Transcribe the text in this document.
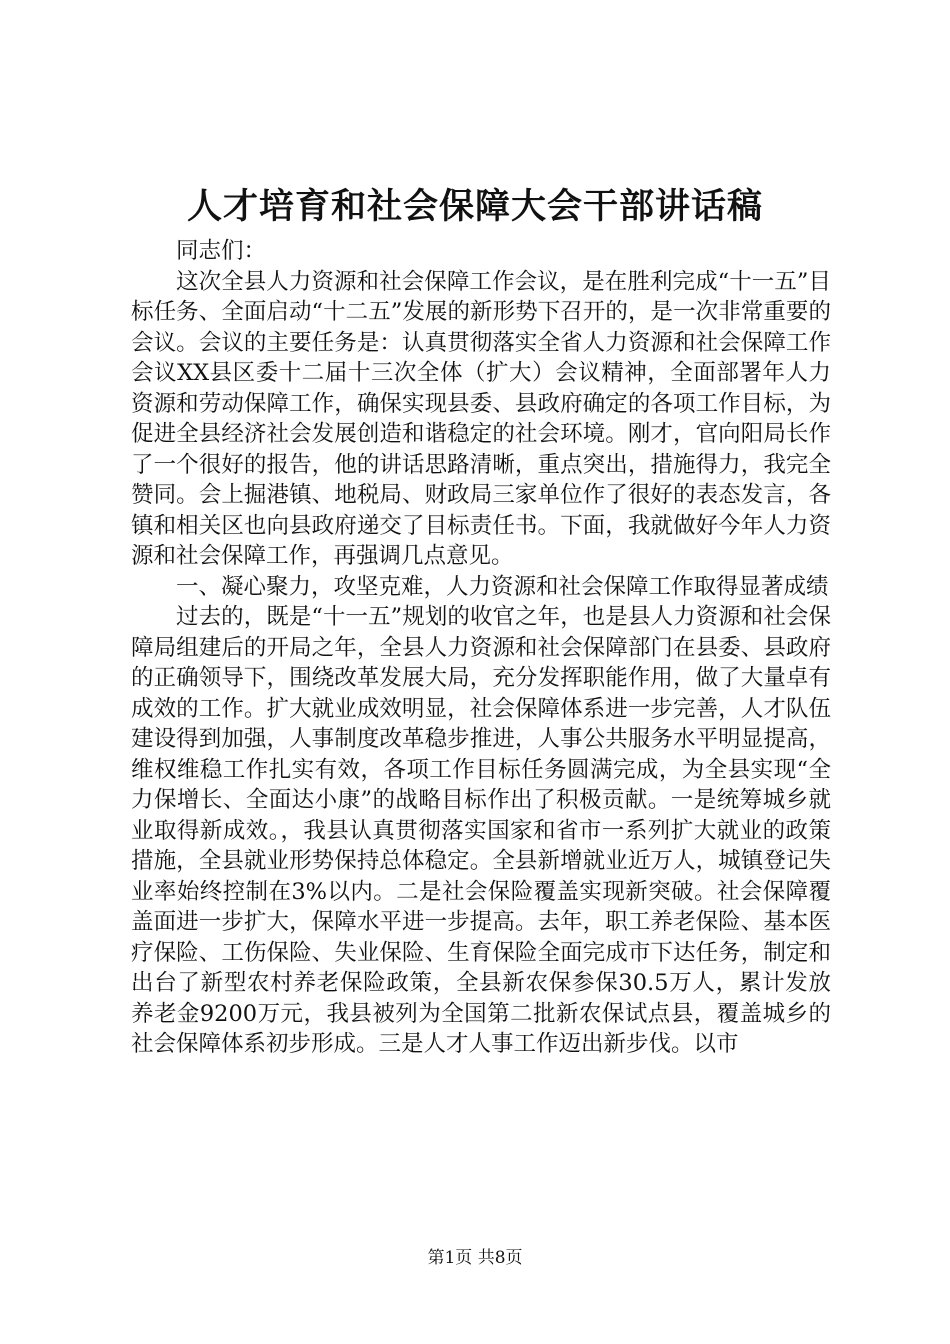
人才培育和社会保障大会干部讲话稿

同志们：

这次全县人力资源和社会保障工作会议，是在胜利完成“十一五”目标任务、全面启动“十二五”发展的新形势下召开的，是一次非常重要的会议。会议的主要任务是：认真贯彻落实全省人力资源和社会保障工作会议XX县区委十二届十三次全体（扩大）会议精神，全面部署年人力资源和劳动保障工作，确保实现县委、县政府确定的各项工作目标，为促进全县经济社会发展创造和谐稳定的社会环境。刚才，官向阳局长作了一个很好的报告，他的讲话思路清晰，重点突出，措施得力，我完全赞同。会上掘港镇、地税局、财政局三家单位作了很好的表态发言，各镇和相关区也向县政府递交了目标责任书。下面，我就做好今年人力资源和社会保障工作，再强调几点意见。

一、凝心聚力，攻坚克难，人力资源和社会保障工作取得显著成绩

过去的，既是“十一五”规划的收官之年，也是县人力资源和社会保障局组建后的开局之年，全县人力资源和社会保障部门在县委、县政府的正确领导下，围绕改革发展大局，充分发挥职能作用，做了大量卓有成效的工作。扩大就业成效明显，社会保障体系进一步完善，人才队伍建设得到加强，人事制度改革稳步推进，人事公共服务水平明显提高，维权维稳工作扎实有效，各项工作目标任务圆满完成，为全县实现“全力保增长、全面达小康”的战略目标作出了积极贡献。一是统筹城乡就业取得新成效。，我县认真贯彻落实国家和省市一系列扩大就业的政策措施，全县就业形势保持总体稳定。全县新增就业近万人，城镇登记失业率始终控制在3%以内。二是社会保险覆盖实现新突破。社会保障覆盖面进一步扩大，保障水平进一步提高。去年，职工养老保险、基本医疗保险、工伤保险、失业保险、生育保险全面完成市下达任务，制定和出台了新型农村养老保险政策，全县新农保参保30.5万人，累计发放养老金9200万元，我县被列为全国第二批新农保试点县，覆盖城乡的社会保障体系初步形成。三是人才人事工作迈出新步伐。以市

第1页 共8页
